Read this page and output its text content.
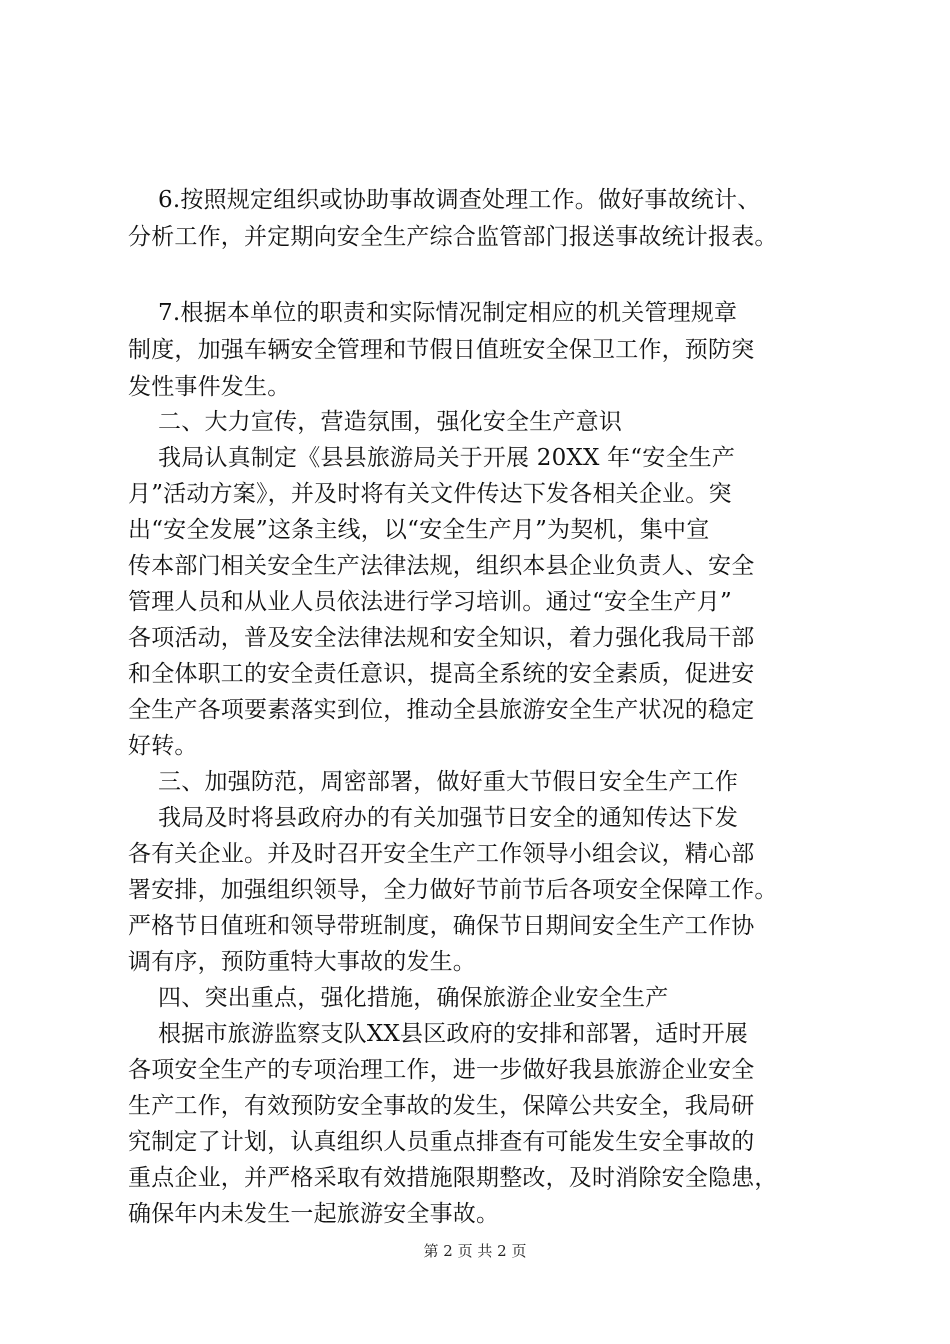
6.按照规定组织或协助事故调查处理工作。做好事故统计、
分析工作，并定期向安全生产综合监管部门报送事故统计报表。
7.根据本单位的职责和实际情况制定相应的机关管理规章
制度，加强车辆安全管理和节假日值班安全保卫工作，预防突
发性事件发生。
二、大力宣传，营造氛围，强化安全生产意识
我局认真制定《县县旅游局关于开展 20XX 年“安全生产
月”活动方案》，并及时将有关文件传达下发各相关企业。突
出“安全发展”这条主线，以“安全生产月”为契机，集中宣
传本部门相关安全生产法律法规，组织本县企业负责人、安全
管理人员和从业人员依法进行学习培训。通过“安全生产月”
各项活动，普及安全法律法规和安全知识，着力强化我局干部
和全体职工的安全责任意识，提高全系统的安全素质，促进安
全生产各项要素落实到位，推动全县旅游安全生产状况的稳定
好转。
三、加强防范，周密部署，做好重大节假日安全生产工作
我局及时将县政府办的有关加强节日安全的通知传达下发
各有关企业。并及时召开安全生产工作领导小组会议，精心部
署安排，加强组织领导，全力做好节前节后各项安全保障工作。
严格节日值班和领导带班制度，确保节日期间安全生产工作协
调有序，预防重特大事故的发生。
四、突出重点，强化措施，确保旅游企业安全生产
根据市旅游监察支队XX县区政府的安排和部署，适时开展
各项安全生产的专项治理工作，进一步做好我县旅游企业安全
生产工作，有效预防安全事故的发生，保障公共安全，我局研
究制定了计划，认真组织人员重点排查有可能发生安全事故的
重点企业，并严格采取有效措施限期整改，及时消除安全隐患，
确保年内未发生一起旅游安全事故。
第 2 页 共 2 页
